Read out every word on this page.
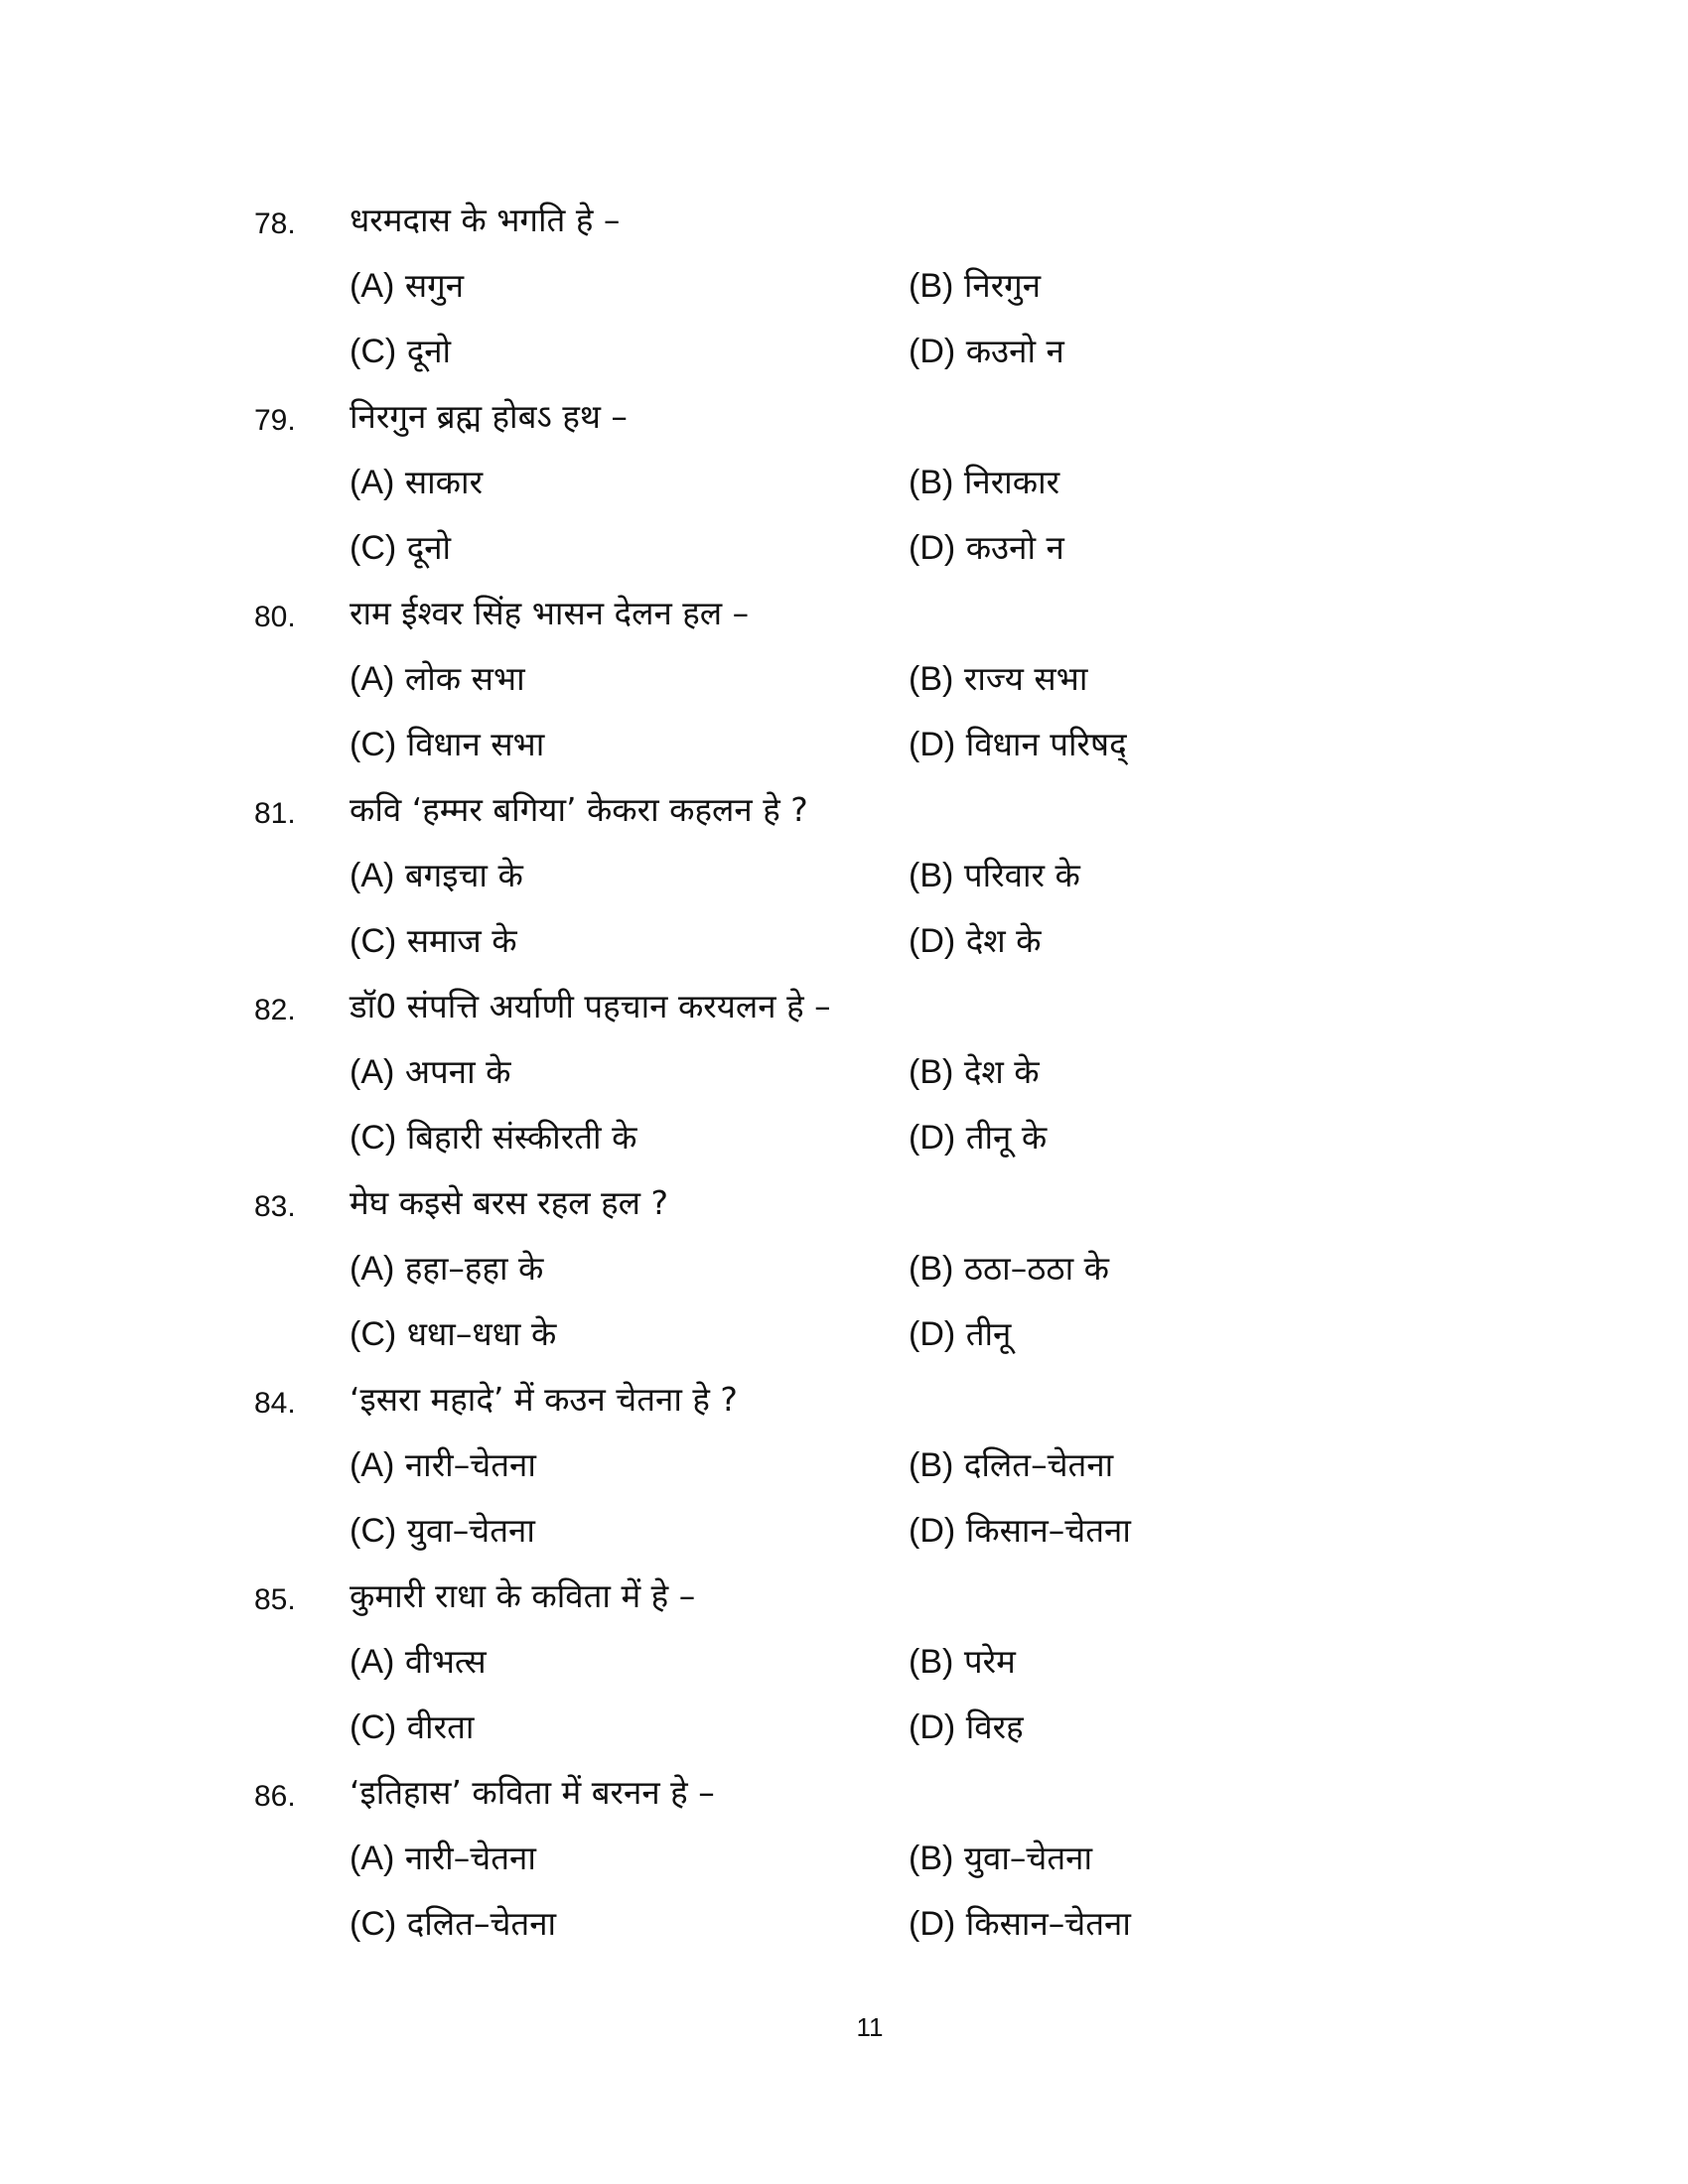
78. धरमदास के भगति हे –
(A) सगुन	(B) निरगुन
(C) दूनो	(D) कउनो न
79. निरगुन ब्रह्म होबऽ हथ –
(A) साकार	(B) निराकार
(C) दूनो	(D) कउनो न
80. राम ईश्वर सिंह भासन देलन हल –
(A) लोक सभा	(B) राज्य सभा
(C) विधान सभा	(D) विधान परिषद्
81. कवि ‘हम्मर बगिया’ केकरा कहलन हे ?
(A) बगइचा के	(B) परिवार के
(C) समाज के	(D) देश के
82. डॉ0 संपत्ति अर्याणी पहचान करयलन हे –
(A) अपना के	(B) देश के
(C) बिहारी संस्कीरती के	(D) तीनू के
83. मेघ कइसे बरस रहल हल ?
(A) हहा–हहा के	(B) ठठा–ठठा के
(C) धधा–धधा के	(D) तीनू
84. ‘इसरा महादे’ में कउन चेतना हे ?
(A) नारी–चेतना	(B) दलित–चेतना
(C) युवा–चेतना	(D) किसान–चेतना
85. कुमारी राधा के कविता में हे –
(A) वीभत्स	(B) परेम
(C) वीरता	(D) विरह
86. ‘इतिहास’ कविता में बरनन हे –
(A) नारी–चेतना	(B) युवा–चेतना
(C) दलित–चेतना	(D) किसान–चेतना
11
